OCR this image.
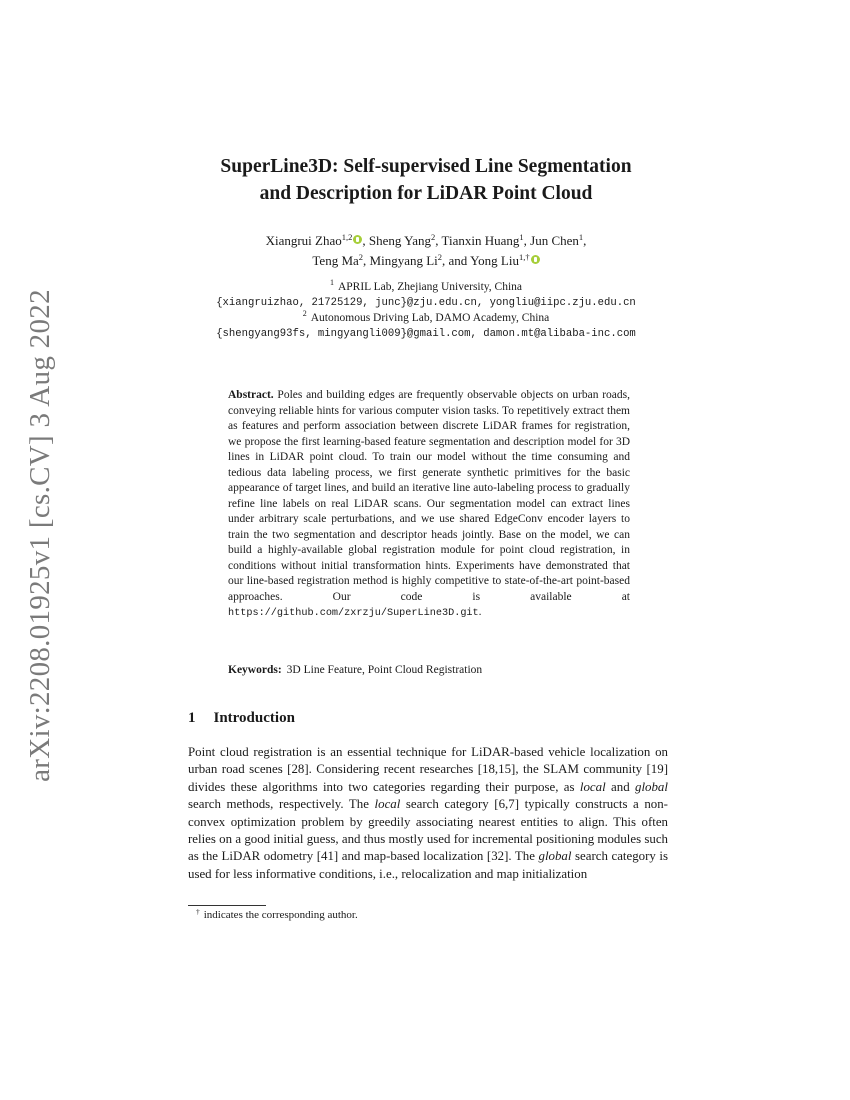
arXiv:2208.01925v1 [cs.CV] 3 Aug 2022
SuperLine3D: Self-supervised Line Segmentation
and Description for LiDAR Point Cloud
Xiangrui Zhao$^{1,2}$ , Sheng Yang$^2$, Tianxin Huang$^1$, Jun Chen$^1$,
Teng Ma$^2$, Mingyang Li$^2$, and Yong Liu$^{1,\dagger}$
$^1$ APRIL Lab, Zhejiang University, China
{xiangruizhao, 21725129, junc}@zju.edu.cn, yongliu@iipc.zju.edu.cn
$^2$ Autonomous Driving Lab, DAMO Academy, China
{shengyang93fs, mingyangli009}@gmail.com, damon.mt@alibaba-inc.com
Abstract. Poles and building edges are frequently observable objects on urban roads, conveying reliable hints for various computer vision tasks. To repetitively extract them as features and perform association between discrete LiDAR frames for registration, we propose the first learning-based feature segmentation and description model for 3D lines in LiDAR point cloud. To train our model without the time consuming and tedious data labeling process, we first generate synthetic primitives for the basic appearance of target lines, and build an iterative line auto-labeling process to gradually refine line labels on real LiDAR scans. Our segmentation model can extract lines under arbitrary scale perturbations, and we use shared EdgeConv encoder layers to train the two segmentation and descriptor heads jointly. Base on the model, we can build a highly-available global registration module for point cloud registration, in conditions without initial transformation hints. Experiments have demonstrated that our line-based registration method is highly competitive to state-of-the-art point-based approaches. Our code is available at https://github.com/zxrzju/SuperLine3D.git.
Keywords: 3D Line Feature, Point Cloud Registration
1 Introduction
Point cloud registration is an essential technique for LiDAR-based vehicle localization on urban road scenes [28]. Considering recent researches [18,15], the SLAM community [19] divides these algorithms into two categories regarding their purpose, as local and global search methods, respectively. The local search category [6,7] typically constructs a non-convex optimization problem by greedily associating nearest entities to align. This often relies on a good initial guess, and thus mostly used for incremental positioning modules such as the LiDAR odometry [41] and map-based localization [32]. The global search category is used for less informative conditions, i.e., relocalization and map initialization
† indicates the corresponding author.
